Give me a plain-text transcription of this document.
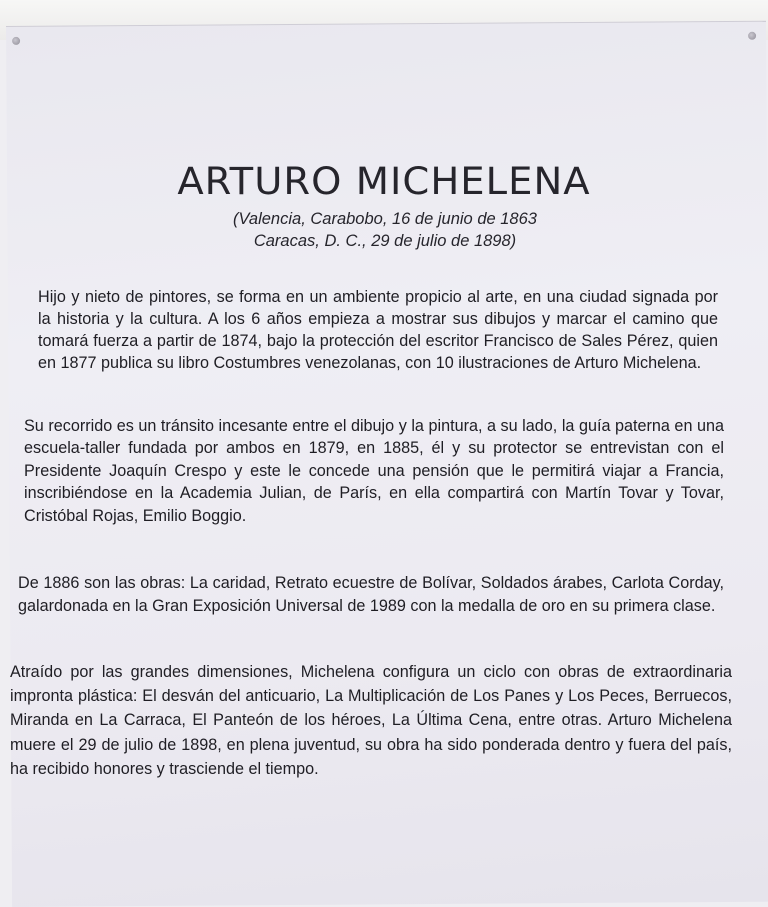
ARTURO MICHELENA
(Valencia, Carabobo, 16 de junio de 1863
Caracas, D. C., 29 de julio de 1898)

Hijo y nieto de pintores, se forma en un ambiente propicio al arte, en una ciudad signada por la historia y la cultura. A los 6 años empieza a mostrar sus dibujos y marcar el camino que tomará fuerza a partir de 1874, bajo la protección del escritor Francisco de Sales Pérez, quien en 1877 publica su libro Costumbres venezolanas, con 10 ilustraciones de Arturo Michelena.

Su recorrido es un tránsito incesante entre el dibujo y la pintura, a su lado, la guía paterna en una escuela-taller fundada por ambos en 1879, en 1885, él y su protector se entrevistan con el Presidente Joaquín Crespo y este le concede una pensión que le permitirá viajar a Francia, inscribiéndose en la Academia Julian, de París, en ella compartirá con Martín Tovar y Tovar, Cristóbal Rojas, Emilio Boggio.

De 1886 son las obras: La caridad, Retrato ecuestre de Bolívar, Soldados árabes, Carlota Corday, galardonada en la Gran Exposición Universal de 1989 con la medalla de oro en su primera clase.

Atraído por las grandes dimensiones, Michelena configura un ciclo con obras de extraordinaria impronta plástica: El desván del anticuario, La Multiplicación de Los Panes y Los Peces, Berruecos, Miranda en La Carraca, El Panteón de los héroes, La Última Cena, entre otras. Arturo Michelena muere el 29 de julio de 1898, en plena juventud, su obra ha sido ponderada dentro y fuera del país, ha recibido honores y trasciende el tiempo.
